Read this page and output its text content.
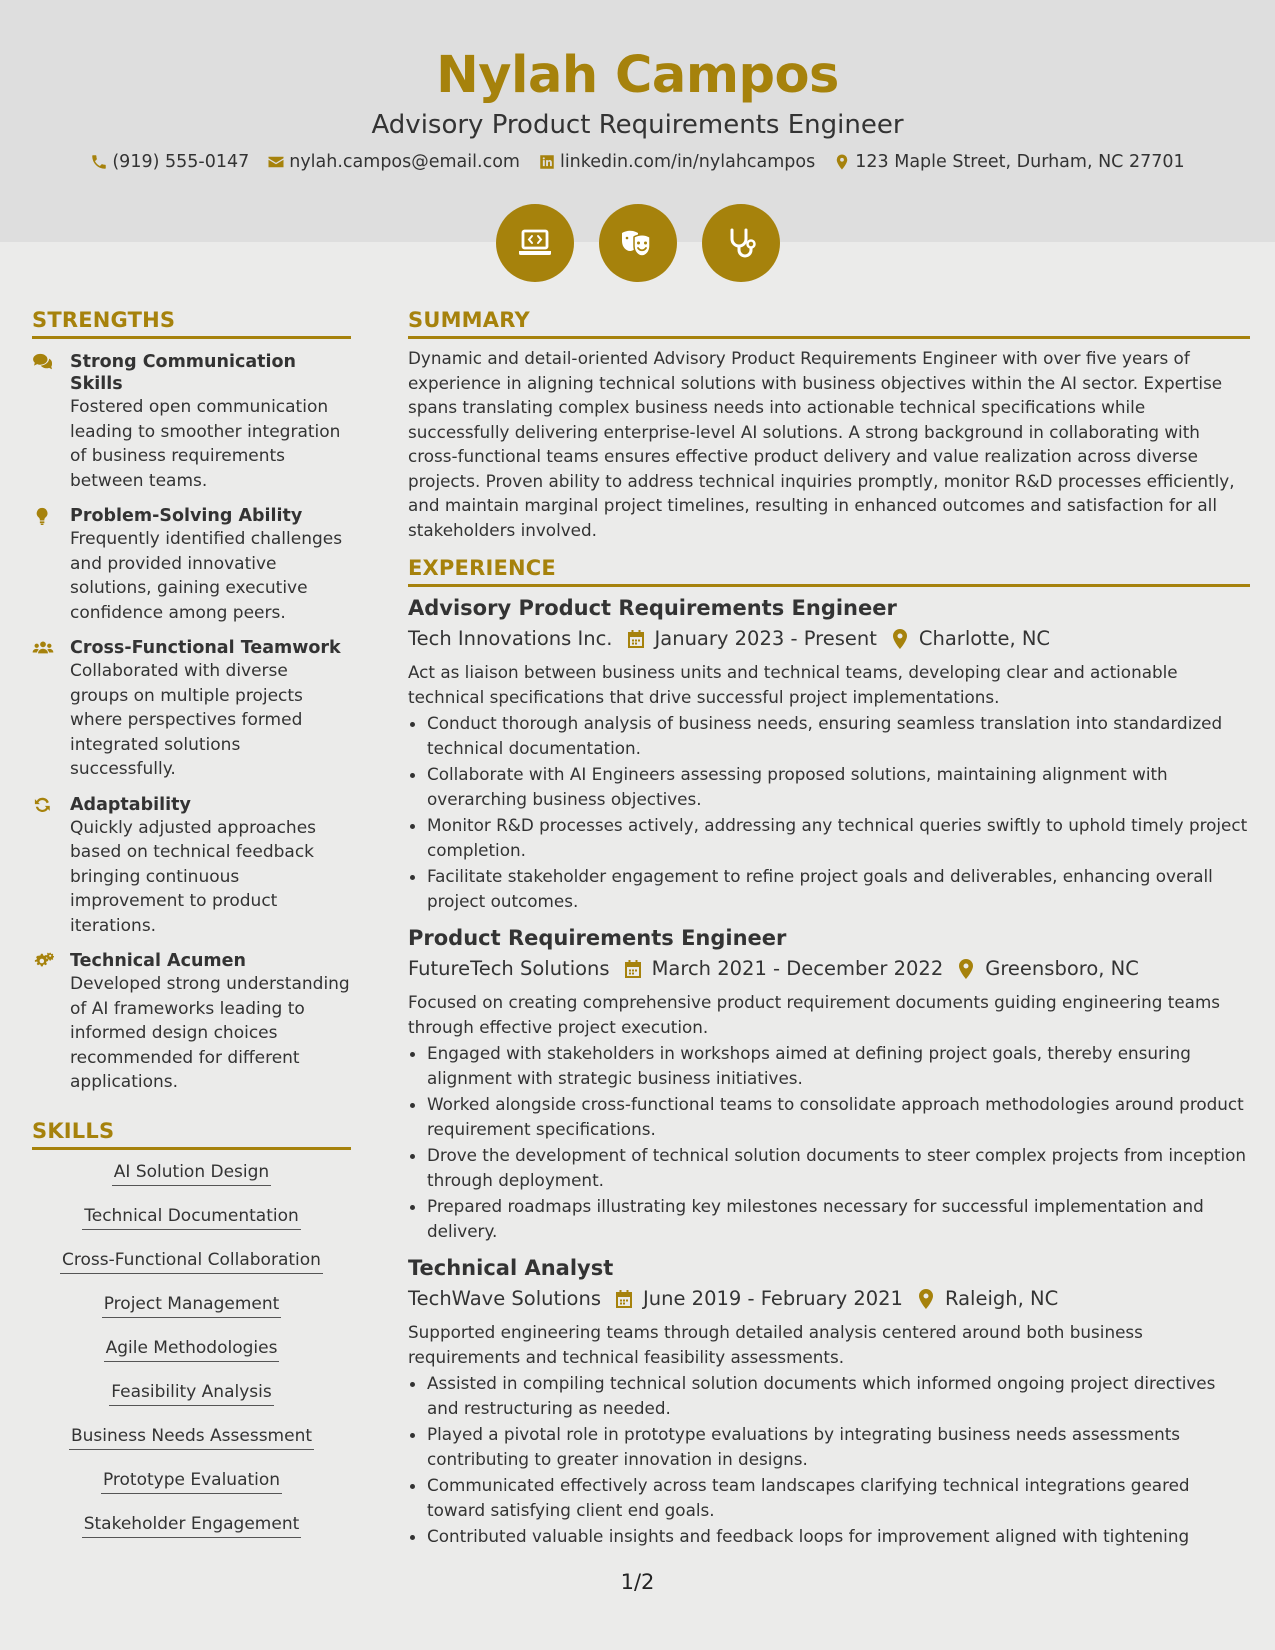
Nylah Campos
Advisory Product Requirements Engineer
(919) 555-0147 nylah.campos@email.com linkedin.com/in/nylahcampos 123 Maple Street, Durham, NC 27701
STRENGTHS
Strong Communication Skills
Fostered open communication leading to smoother integration of business requirements between teams.
Problem-Solving Ability
Frequently identified challenges and provided innovative solutions, gaining executive confidence among peers.
Cross-Functional Teamwork
Collaborated with diverse groups on multiple projects where perspectives formed integrated solutions successfully.
Adaptability
Quickly adjusted approaches based on technical feedback bringing continuous improvement to product iterations.
Technical Acumen
Developed strong understanding of AI frameworks leading to informed design choices recommended for different applications.
SKILLS
AI Solution Design
Technical Documentation
Cross-Functional Collaboration
Project Management
Agile Methodologies
Feasibility Analysis
Business Needs Assessment
Prototype Evaluation
Stakeholder Engagement
SUMMARY
Dynamic and detail-oriented Advisory Product Requirements Engineer with over five years of experience in aligning technical solutions with business objectives within the AI sector. Expertise spans translating complex business needs into actionable technical specifications while successfully delivering enterprise-level AI solutions. A strong background in collaborating with cross-functional teams ensures effective product delivery and value realization across diverse projects. Proven ability to address technical inquiries promptly, monitor R&D processes efficiently, and maintain marginal project timelines, resulting in enhanced outcomes and satisfaction for all stakeholders involved.
EXPERIENCE
Advisory Product Requirements Engineer
Tech Innovations Inc. January 2023 - Present Charlotte, NC
Act as liaison between business units and technical teams, developing clear and actionable technical specifications that drive successful project implementations.
• Conduct thorough analysis of business needs, ensuring seamless translation into standardized technical documentation.
• Collaborate with AI Engineers assessing proposed solutions, maintaining alignment with overarching business objectives.
• Monitor R&D processes actively, addressing any technical queries swiftly to uphold timely project completion.
• Facilitate stakeholder engagement to refine project goals and deliverables, enhancing overall project outcomes.
Product Requirements Engineer
FutureTech Solutions March 2021 - December 2022 Greensboro, NC
Focused on creating comprehensive product requirement documents guiding engineering teams through effective project execution.
• Engaged with stakeholders in workshops aimed at defining project goals, thereby ensuring alignment with strategic business initiatives.
• Worked alongside cross-functional teams to consolidate approach methodologies around product requirement specifications.
• Drove the development of technical solution documents to steer complex projects from inception through deployment.
• Prepared roadmaps illustrating key milestones necessary for successful implementation and delivery.
Technical Analyst
TechWave Solutions June 2019 - February 2021 Raleigh, NC
Supported engineering teams through detailed analysis centered around both business requirements and technical feasibility assessments.
• Assisted in compiling technical solution documents which informed ongoing project directives and restructuring as needed.
• Played a pivotal role in prototype evaluations by integrating business needs assessments contributing to greater innovation in designs.
• Communicated effectively across team landscapes clarifying technical integrations geared toward satisfying client end goals.
• Contributed valuable insights and feedback loops for improvement aligned with tightening
1/2
